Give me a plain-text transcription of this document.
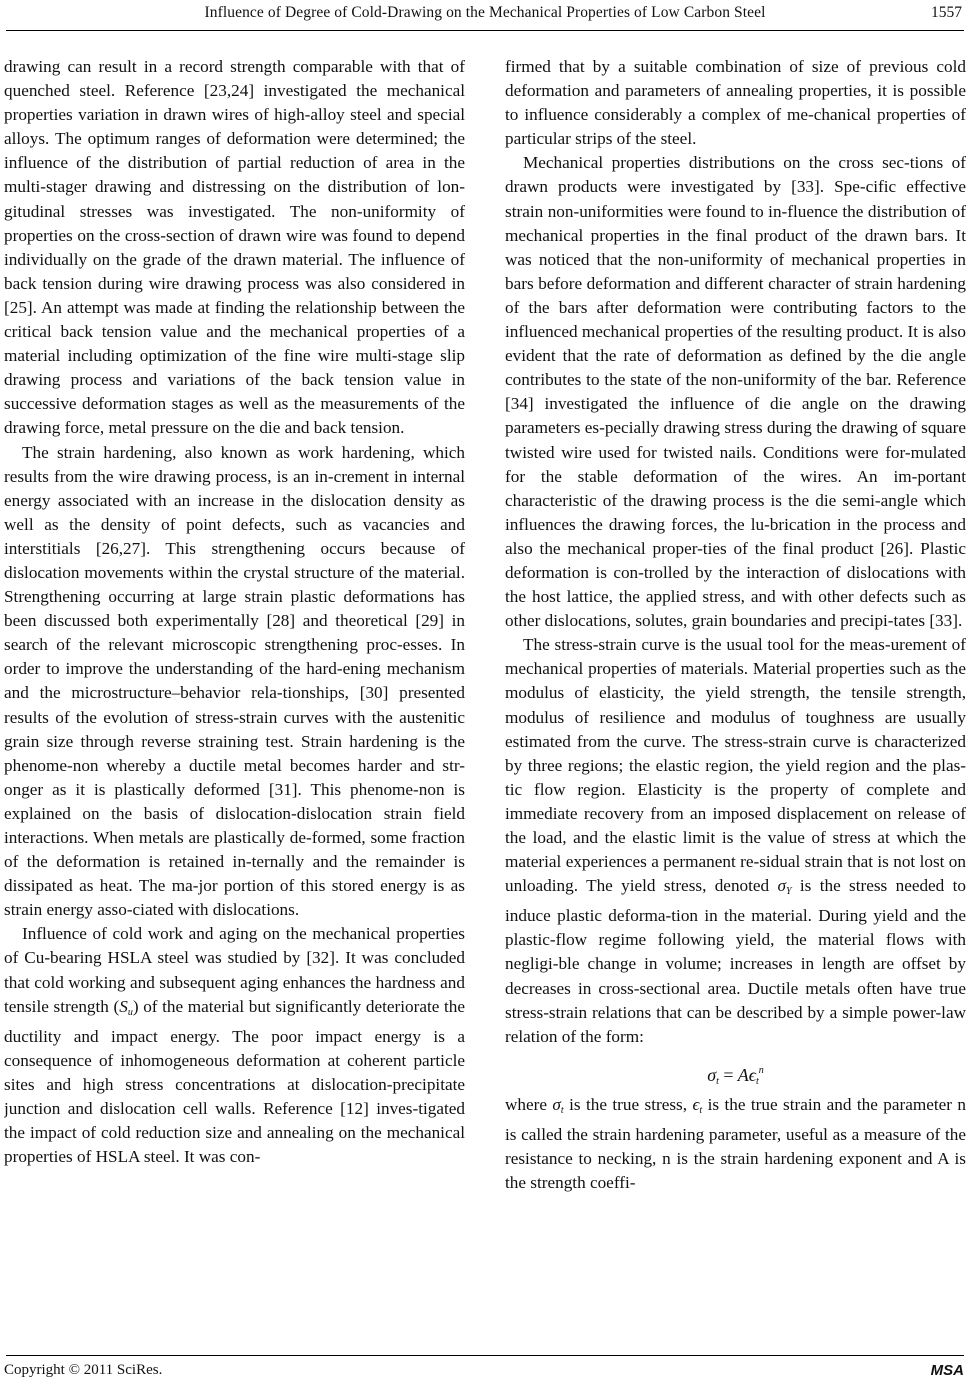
Influence of Degree of Cold-Drawing on the Mechanical Properties of Low Carbon Steel	1557

drawing can result in a record strength comparable with that of quenched steel. Reference [23,24] investigated the mechanical properties variation in drawn wires of high-alloy steel and special alloys. The optimum ranges of deformation were determined; the influence of the distribution of partial reduction of area in the multi-stager drawing and distressing on the distribution of lon-gitudinal stresses was investigated. The non-uniformity of properties on the cross-section of drawn wire was found to depend individually on the grade of the drawn material. The influence of back tension during wire drawing process was also considered in [25]. An attempt was made at finding the relationship between the critical back tension value and the mechanical properties of a material including optimization of the fine wire multi-stage slip drawing process and variations of the back tension value in successive deformation stages as well as the measurements of the drawing force, metal pressure on the die and back tension.

The strain hardening, also known as work hardening, which results from the wire drawing process, is an in-crement in internal energy associated with an increase in the dislocation density as well as the density of point defects, such as vacancies and interstitials [26,27]. This strengthening occurs because of dislocation movements within the crystal structure of the material. Strengthening occurring at large strain plastic deformations has been discussed both experimentally [28] and theoretical [29] in search of the relevant microscopic strengthening proc-esses. In order to improve the understanding of the hard-ening mechanism and the microstructure–behavior rela-tionships, [30] presented results of the evolution of stress-strain curves with the austenitic grain size through reverse straining test. Strain hardening is the phenome-non whereby a ductile metal becomes harder and str-onger as it is plastically deformed [31]. This phenome-non is explained on the basis of dislocation-dislocation strain field interactions. When metals are plastically de-formed, some fraction of the deformation is retained in-ternally and the remainder is dissipated as heat. The ma-jor portion of this stored energy is as strain energy asso-ciated with dislocations.

Influence of cold work and aging on the mechanical properties of Cu-bearing HSLA steel was studied by [32]. It was concluded that cold working and subsequent aging enhances the hardness and tensile strength $(S_u)$ of the material but significantly deteriorate the ductility and impact energy. The poor impact energy is a consequence of inhomogeneous deformation at coherent particle sites and high stress concentrations at dislocation-precipitate junction and dislocation cell walls. Reference [12] inves-tigated the impact of cold reduction size and annealing on the mechanical properties of HSLA steel. It was con-

firmed that by a suitable combination of size of previous cold deformation and parameters of annealing properties, it is possible to influence considerably a complex of me-chanical properties of particular strips of the steel.

Mechanical properties distributions on the cross sec-tions of drawn products were investigated by [33]. Spe-cific effective strain non-uniformities were found to in-fluence the distribution of mechanical properties in the final product of the drawn bars. It was noticed that the non-uniformity of mechanical properties in bars before deformation and different character of strain hardening of the bars after deformation were contributing factors to the influenced mechanical properties of the resulting product. It is also evident that the rate of deformation as defined by the die angle contributes to the state of the non-uniformity of the bar. Reference [34] investigated the influence of die angle on the drawing parameters es-pecially drawing stress during the drawing of square twisted wire used for twisted nails. Conditions were for-mulated for the stable deformation of the wires. An im-portant characteristic of the drawing process is the die semi-angle which influences the drawing forces, the lu-brication in the process and also the mechanical proper-ties of the final product [26]. Plastic deformation is con-trolled by the interaction of dislocations with the host lattice, the applied stress, and with other defects such as other dislocations, solutes, grain boundaries and precipi-tates [33].

The stress-strain curve is the usual tool for the meas-urement of mechanical properties of materials. Material properties such as the modulus of elasticity, the yield strength, the tensile strength, modulus of resilience and modulus of toughness are usually estimated from the curve. The stress-strain curve is characterized by three regions; the elastic region, the yield region and the plas-tic flow region. Elasticity is the property of complete and immediate recovery from an imposed displacement on release of the load, and the elastic limit is the value of stress at which the material experiences a permanent re-sidual strain that is not lost on unloading. The yield stress, denoted $\sigma_Y$ is the stress needed to induce plastic deforma-tion in the material. During yield and the plastic-flow regime following yield, the material flows with negligi-ble change in volume; increases in length are offset by decreases in cross-sectional area. Ductile metals often have true stress-strain relations that can be described by a simple power-law relation of the form:

$\sigma_t = A\epsilon_t^n$

where $\sigma_t$ is the true stress, $\epsilon_t$ is the true strain and the parameter n is called the strain hardening parameter, useful as a measure of the resistance to necking, n is the strain hardening exponent and A is the strength coeffi-

Copyright © 2011 SciRes.	MSA
